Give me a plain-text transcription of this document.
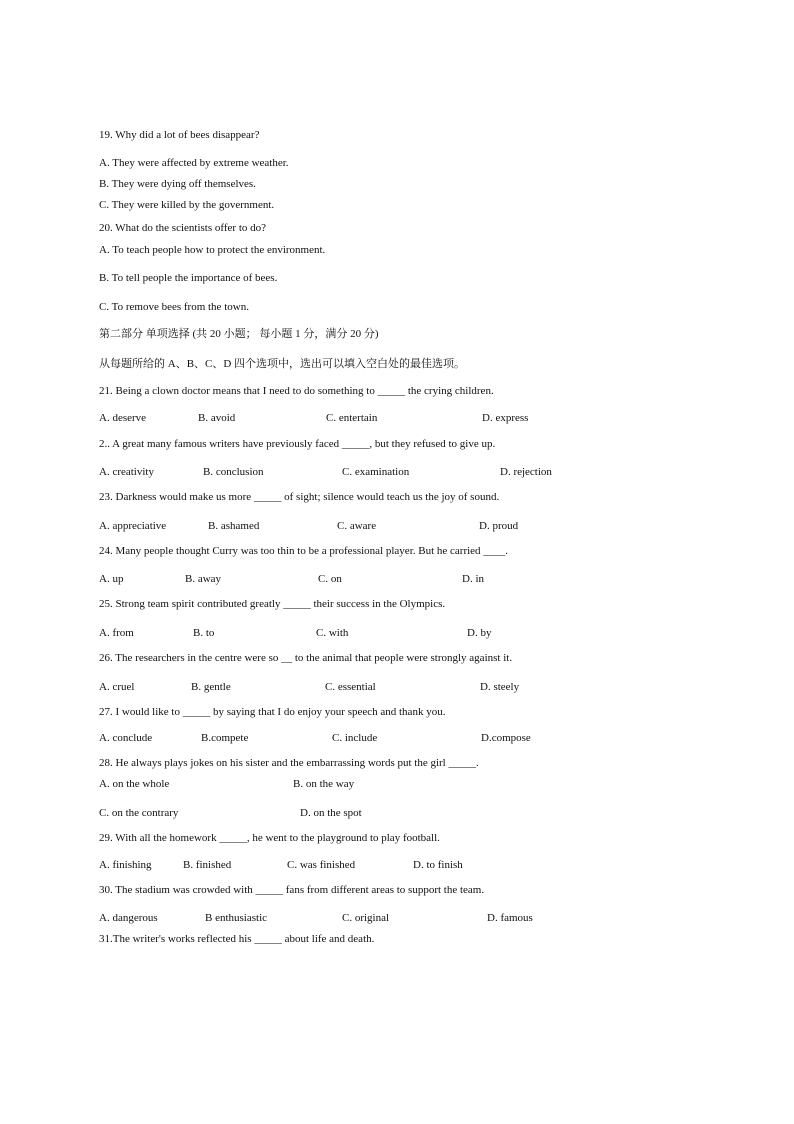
19. Why did a lot of bees disappear?
A. They were affected by extreme weather.
B. They were dying off themselves.
C. They were killed by the government.
20. What do the scientists offer to do?
A. To teach people how to protect the environment.
B. To tell people the importance of bees.
C. To remove bees from the town.
第二部分 单项选择 (共 20 小题； 每小题 1 分，满分 20 分)
从每题所给的 A、B、C、D 四个选项中，选出可以填入空白处的最佳选项。
21. Being a clown doctor means that I need to do something to _____ the crying children.
A. deserve	B. avoid	C. entertain	D. express
2.. A great many famous writers have previously faced _____, but they refused to give up.
A. creativity	B. conclusion	C. examination	D. rejection
23. Darkness would make us more _____ of sight; silence would teach us the joy of sound.
A. appreciative	B. ashamed	C. aware	D. proud
24. Many people thought Curry was too thin to be a professional player. But he carried ____.
A. up	B. away	C. on	D. in
25. Strong team spirit contributed greatly _____ their success in the Olympics.
A. from	B. to	C. with	D. by
26. The researchers in the centre were so __ to the animal that people were strongly against it.
A. cruel	B. gentle	C. essential	D. steely
27. I would like to _____ by saying that I do enjoy your speech and thank you.
A. conclude	B.compete	C. include	D.compose
28. He always plays jokes on his sister and the embarrassing words put the girl _____.
A. on the whole	B. on the way
C. on the contrary	D. on the spot
29. With all the homework _____, he went to the playground to play football.
A. finishing	B. finished	C. was finished	D. to finish
30. The stadium was crowded with _____ fans from different areas to support the team.
A. dangerous	B enthusiastic	C. original	D. famous
31.The writer's works reflected his _____ about life and death.
